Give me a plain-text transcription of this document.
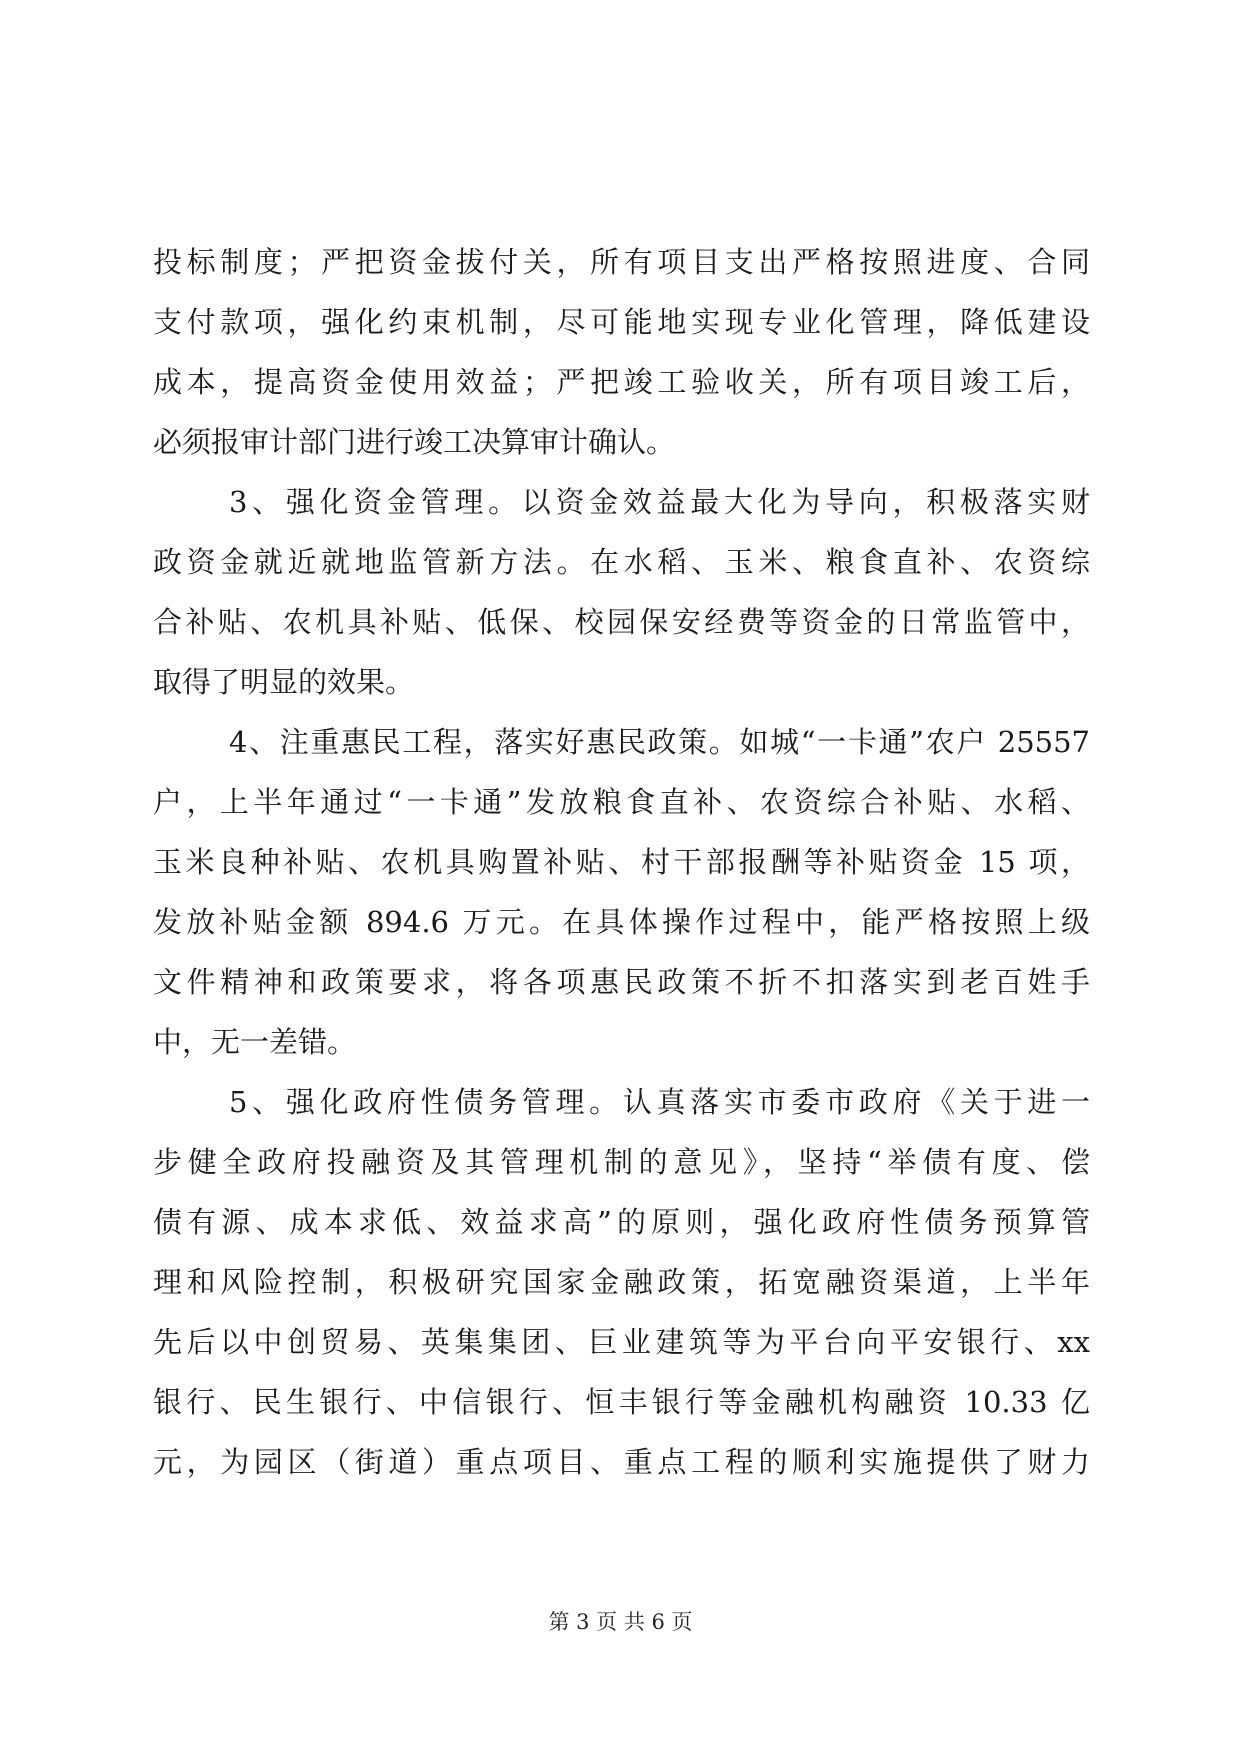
投标制度；严把资金拔付关，所有项目支出严格按照进度、合同
支付款项，强化约束机制，尽可能地实现专业化管理，降低建设
成本，提高资金使用效益；严把竣工验收关，所有项目竣工后，
必须报审计部门进行竣工决算审计确认。
3、强化资金管理。以资金效益最大化为导向，积极落实财
政资金就近就地监管新方法。在水稻、玉米、粮食直补、农资综
合补贴、农机具补贴、低保、校园保安经费等资金的日常监管中，
取得了明显的效果。
4、注重惠民工程，落实好惠民政策。如城“一卡通”农户 25557
户，上半年通过“一卡通”发放粮食直补、农资综合补贴、水稻、
玉米良种补贴、农机具购置补贴、村干部报酬等补贴资金 15 项，
发放补贴金额 894.6 万元。在具体操作过程中，能严格按照上级
文件精神和政策要求，将各项惠民政策不折不扣落实到老百姓手
中，无一差错。
5、强化政府性债务管理。认真落实市委市政府《关于进一
步健全政府投融资及其管理机制的意见》，坚持“举债有度、偿
债有源、成本求低、效益求高”的原则，强化政府性债务预算管
理和风险控制，积极研究国家金融政策，拓宽融资渠道，上半年
先后以中创贸易、英集集团、巨业建筑等为平台向平安银行、xx
银行、民生银行、中信银行、恒丰银行等金融机构融资 10.33 亿
元，为园区（街道）重点项目、重点工程的顺利实施提供了财力
第 3 页 共 6 页
